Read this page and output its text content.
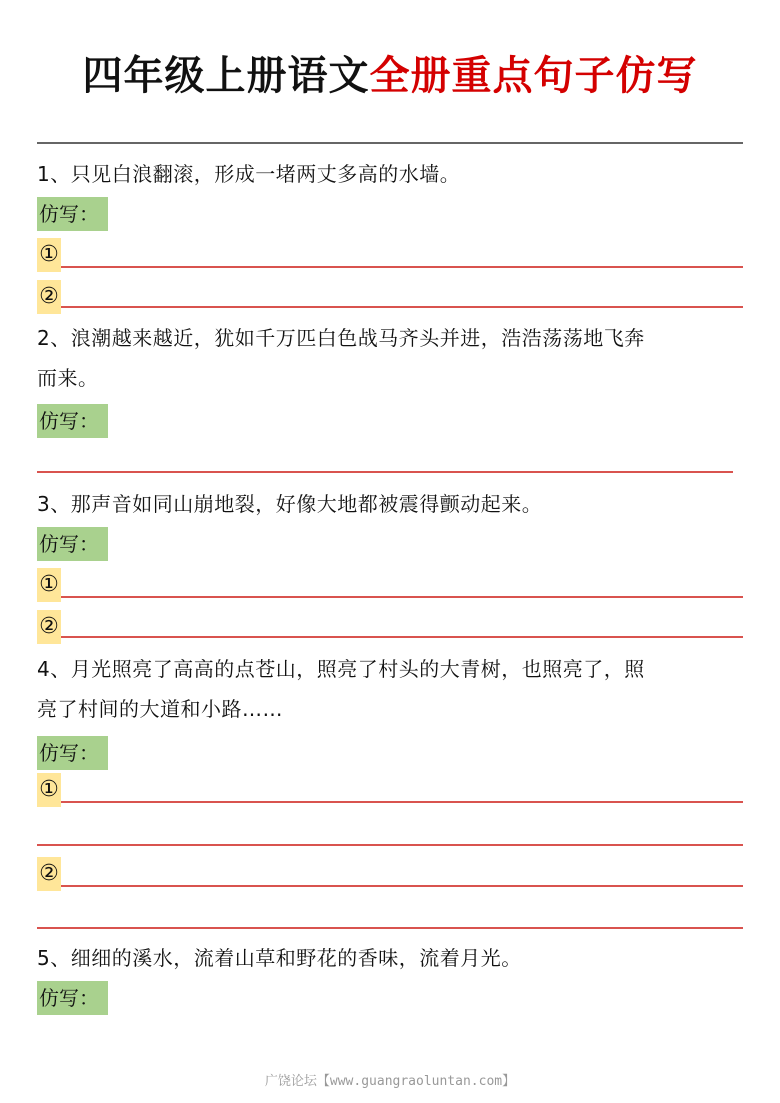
四年级上册语文全册重点句子仿写
1、只见白浪翻滚，形成一堵两丈多高的水墙。
仿写：
①
②
2、浪潮越来越近，犹如千万匹白色战马齐头并进，浩浩荡荡地飞奔
而来。
仿写：
3、那声音如同山崩地裂，好像大地都被震得颤动起来。
仿写：
①
②
4、月光照亮了高高的点苍山，照亮了村头的大青树，也照亮了，照
亮了村间的大道和小路……
仿写：
①
②
5、细细的溪水，流着山草和野花的香味，流着月光。
仿写：
广饶论坛【www.guangraoluntan.com】
